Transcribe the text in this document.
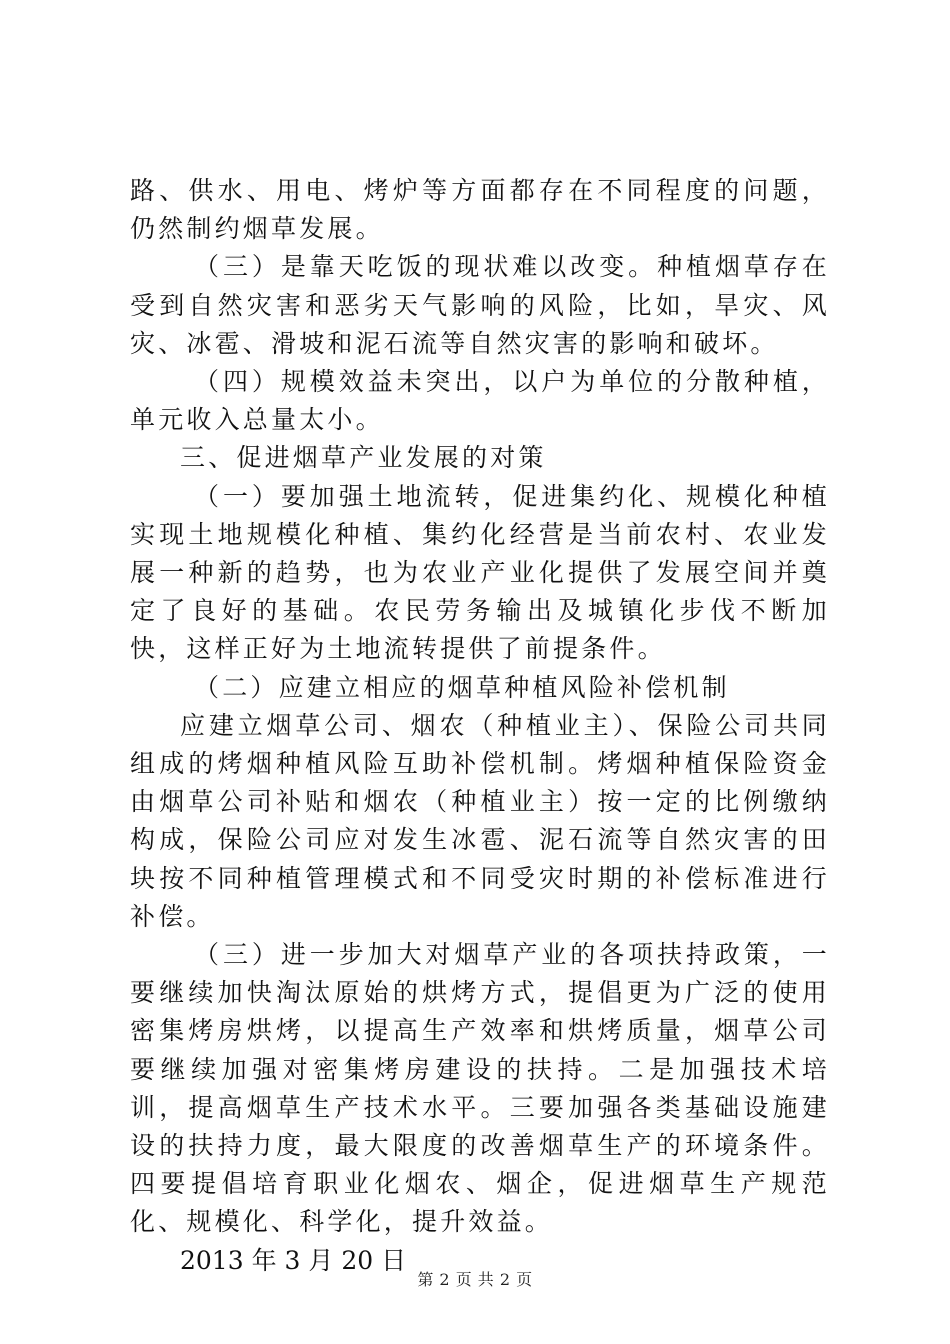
路、供水、用电、烤炉等方面都存在不同程度的问题，仍然制约烟草发展。

（三）是靠天吃饭的现状难以改变。种植烟草存在受到自然灾害和恶劣天气影响的风险，比如，旱灾、风灾、冰雹、滑坡和泥石流等自然灾害的影响和破坏。

（四）规模效益未突出，以户为单位的分散种植，单元收入总量太小。

三、促进烟草产业发展的对策

（一）要加强土地流转，促进集约化、规模化种植实现土地规模化种植、集约化经营是当前农村、农业发展一种新的趋势，也为农业产业化提供了发展空间并奠定了良好的基础。农民劳务输出及城镇化步伐不断加快，这样正好为土地流转提供了前提条件。

（二）应建立相应的烟草种植风险补偿机制

应建立烟草公司、烟农（种植业主）、保险公司共同组成的烤烟种植风险互助补偿机制。烤烟种植保险资金由烟草公司补贴和烟农（种植业主）按一定的比例缴纳构成，保险公司应对发生冰雹、泥石流等自然灾害的田块按不同种植管理模式和不同受灾时期的补偿标准进行补偿。

（三）进一步加大对烟草产业的各项扶持政策，一要继续加快淘汰原始的烘烤方式，提倡更为广泛的使用密集烤房烘烤，以提高生产效率和烘烤质量，烟草公司要继续加强对密集烤房建设的扶持。二是加强技术培训，提高烟草生产技术水平。三要加强各类基础设施建设的扶持力度，最大限度的改善烟草生产的环境条件。四要提倡培育职业化烟农、烟企，促进烟草生产规范化、规模化、科学化，提升效益。

2013 年 3 月 20 日

第 2 页 共 2 页
